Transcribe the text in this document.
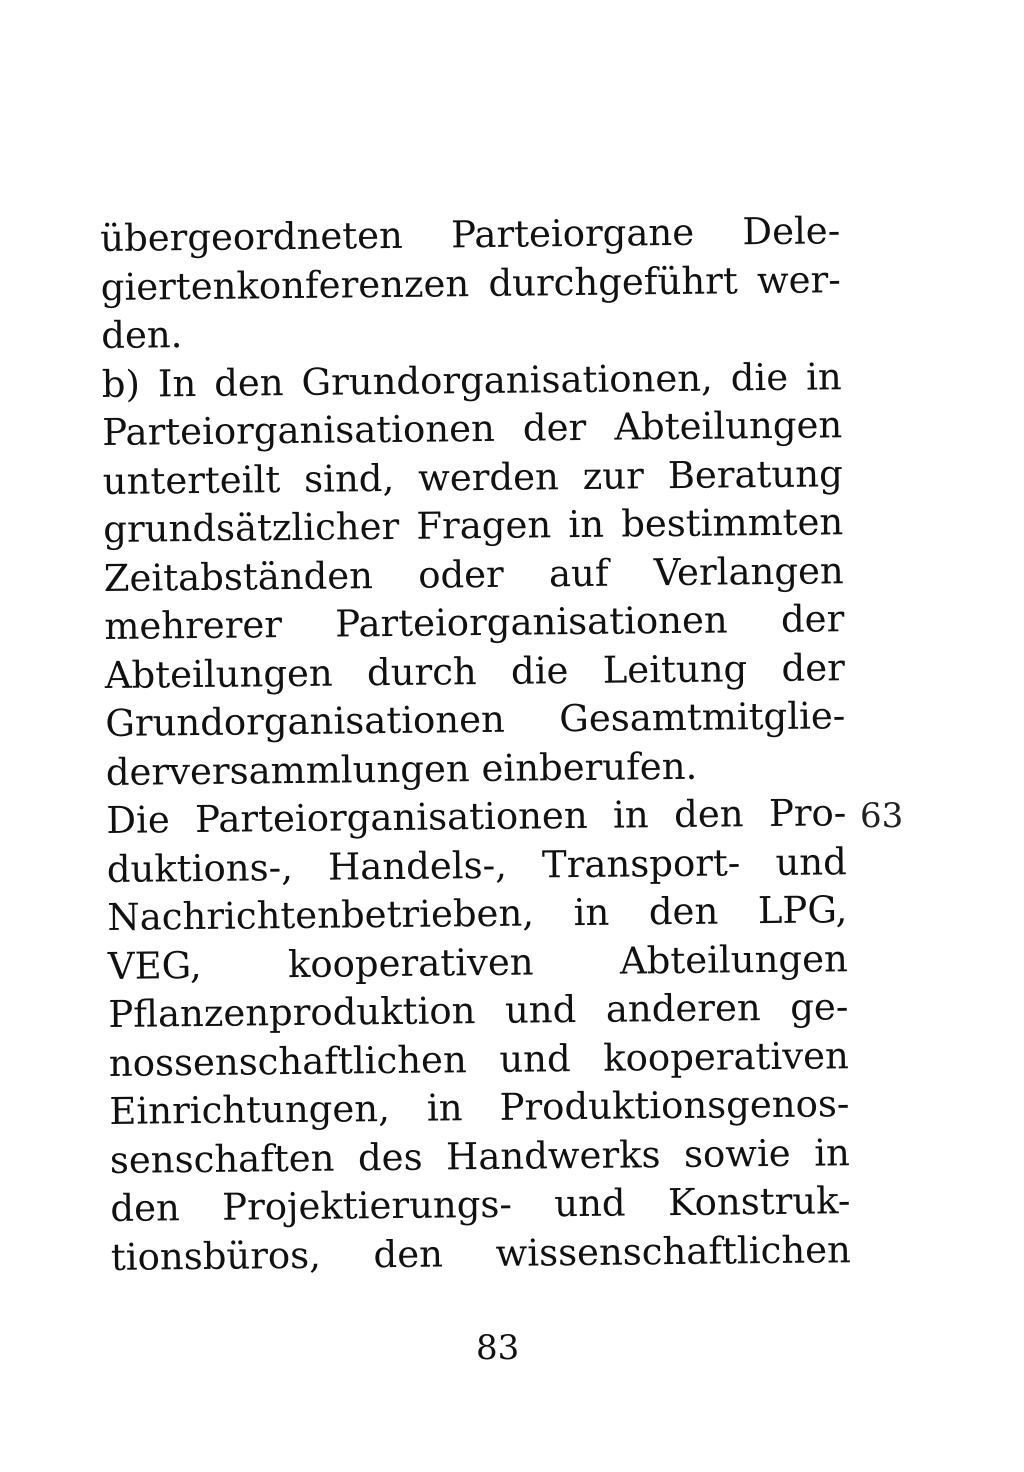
übergeordneten Parteiorgane Dele-
giertenkonferenzen durchgeführt wer-
den.
b) In den Grundorganisationen, die in
Parteiorganisationen der Abteilungen
unterteilt sind, werden zur Beratung
grundsätzlicher Fragen in bestimmten
Zeitabständen oder auf Verlangen
mehrerer Parteiorganisationen der
Abteilungen durch die Leitung der
Grundorganisationen Gesamtmitglie-
derversammlungen einberufen.
Die Parteiorganisationen in den Pro-
duktions-, Handels-, Transport- und
Nachrichtenbetrieben, in den LPG,
VEG, kooperativen Abteilungen
Pflanzenproduktion und anderen ge-
nossenschaftlichen und kooperativen
Einrichtungen, in Produktionsgenos-
senschaften des Handwerks sowie in
den Projektierungs- und Konstruk-
tionsbüros, den wissenschaftlichen
63
83
